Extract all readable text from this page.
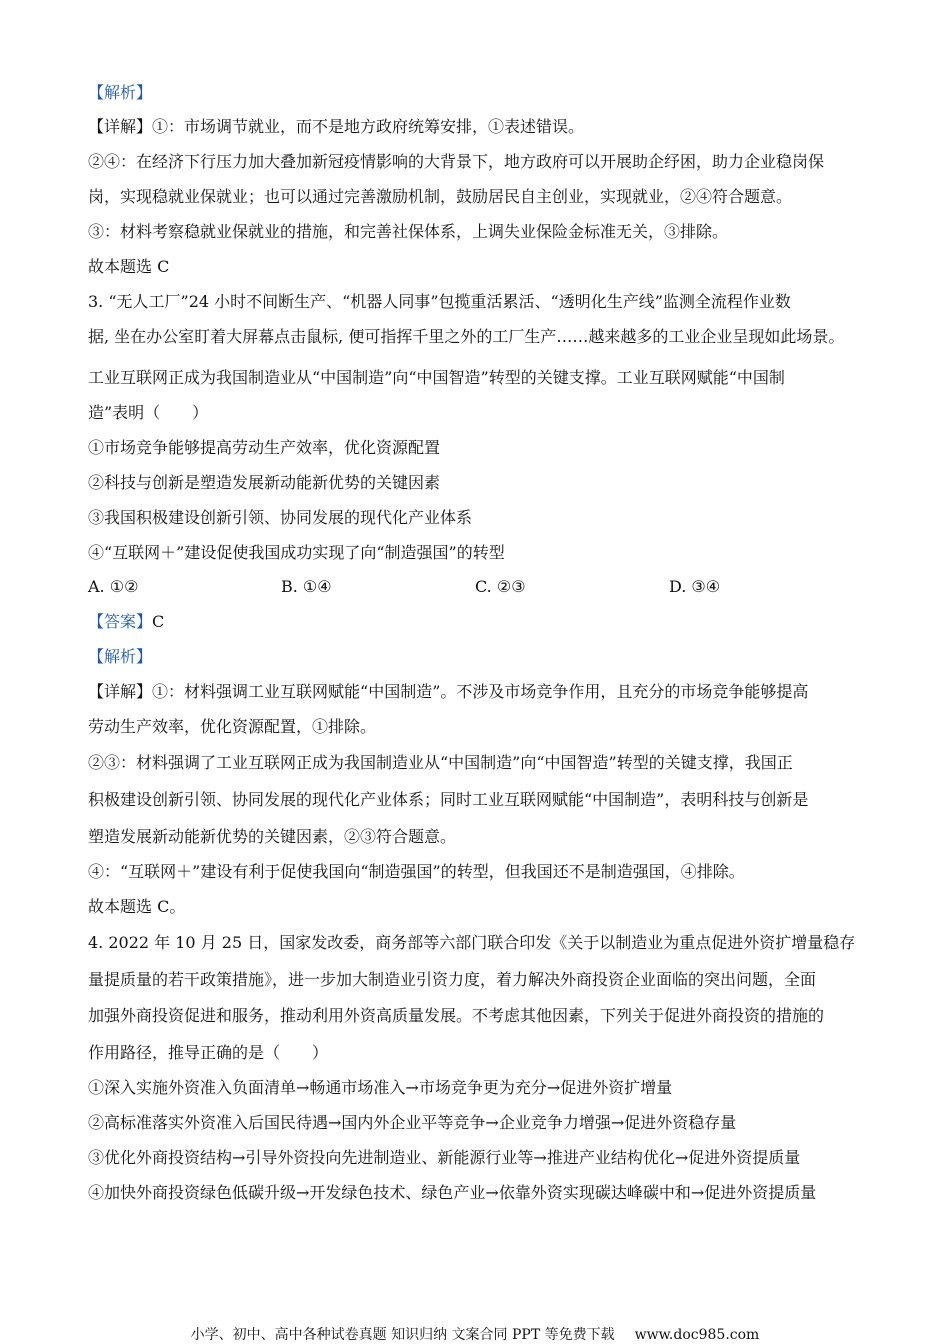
【解析】
【详解】①：市场调节就业，而不是地方政府统筹安排，①表述错误。
②④：在经济下行压力加大叠加新冠疫情影响的大背景下，地方政府可以开展助企纾困，助力企业稳岗保
岗，实现稳就业保就业；也可以通过完善激励机制，鼓励居民自主创业，实现就业，②④符合题意。
③：材料考察稳就业保就业的措施，和完善社保体系，上调失业保险金标准无关，③排除。
故本题选 C
3. “无人工厂”24 小时不间断生产、“机器人同事”包揽重活累活、“透明化生产线”监测全流程作业数
据, 坐在办公室盯着大屏幕点击鼠标, 便可指挥千里之外的工厂生产……越来越多的工业企业呈现如此场景。
工业互联网正成为我国制造业从“中国制造”向“中国智造”转型的关键支撑。工业互联网赋能“中国制
造”表明（　　）
①市场竞争能够提高劳动生产效率，优化资源配置
②科技与创新是塑造发展新动能新优势的关键因素
③我国积极建设创新引领、协同发展的现代化产业体系
④“互联网＋”建设促使我国成功实现了向“制造强国”的转型
A. ①②	B. ①④	C. ②③	D. ③④
【答案】C
【解析】
【详解】①：材料强调工业互联网赋能“中国制造”。不涉及市场竞争作用，且充分的市场竞争能够提高
劳动生产效率，优化资源配置，①排除。
②③：材料强调了工业互联网正成为我国制造业从“中国制造”向“中国智造”转型的关键支撑，我国正
积极建设创新引领、协同发展的现代化产业体系；同时工业互联网赋能“中国制造”，表明科技与创新是
塑造发展新动能新优势的关键因素，②③符合题意。
④：“互联网＋”建设有利于促使我国向“制造强国”的转型，但我国还不是制造强国，④排除。
故本题选 C。
4. 2022 年 10 月 25 日，国家发改委，商务部等六部门联合印发《关于以制造业为重点促进外资扩增量稳存
量提质量的若干政策措施》，进一步加大制造业引资力度，着力解决外商投资企业面临的突出问题，全面
加强外商投资促进和服务，推动利用外资高质量发展。不考虑其他因素，下列关于促进外商投资的措施的
作用路径，推导正确的是（　　）
①深入实施外资准入负面清单→畅通市场准入→市场竞争更为充分→促进外资扩增量
②高标准落实外资准入后国民待遇→国内外企业平等竞争→企业竞争力增强→促进外资稳存量
③优化外商投资结构→引导外资投向先进制造业、新能源行业等→推进产业结构优化→促进外资提质量
④加快外商投资绿色低碳升级→开发绿色技术、绿色产业→依靠外资实现碳达峰碳中和→促进外资提质量
小学、初中、高中各种试卷真题 知识归纳 文案合同 PPT 等免费下载 www.doc985.com
